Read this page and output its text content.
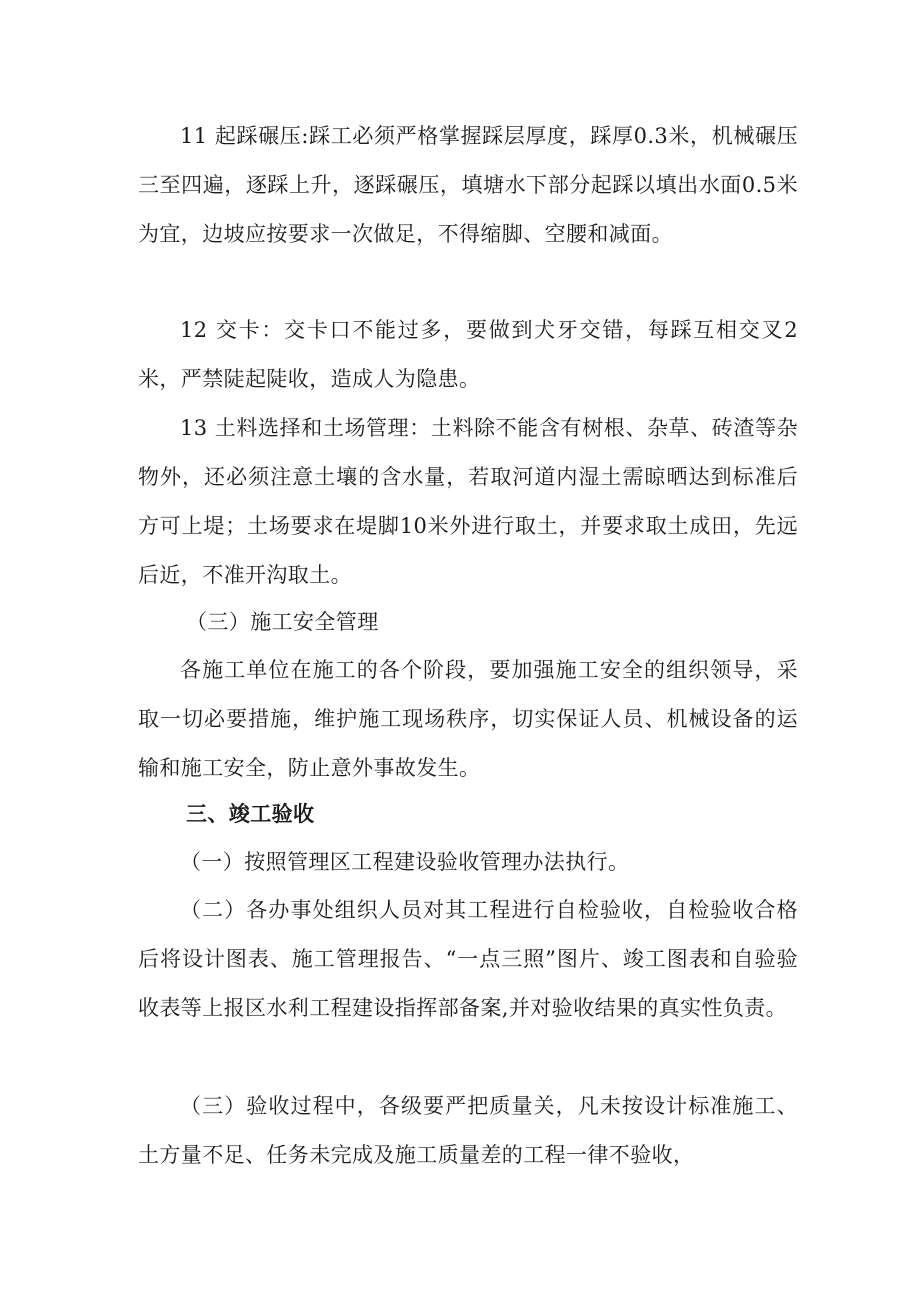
11 起踩碾压:踩工必须严格掌握踩层厚度，踩厚0.3米，机械碾压三至四遍，逐踩上升，逐踩碾压，填塘水下部分起踩以填出水面0.5米为宜，边坡应按要求一次做足，不得缩脚、空腰和减面。

12 交卡：交卡口不能过多，要做到犬牙交错，每踩互相交叉2米，严禁陡起陡收，造成人为隐患。

13 土料选择和土场管理：土料除不能含有树根、杂草、砖渣等杂物外，还必须注意土壤的含水量，若取河道内湿土需晾晒达到标准后方可上堤；土场要求在堤脚10米外进行取土，并要求取土成田，先远后近，不准开沟取土。

（三）施工安全管理

各施工单位在施工的各个阶段，要加强施工安全的组织领导，采取一切必要措施，维护施工现场秩序，切实保证人员、机械设备的运输和施工安全，防止意外事故发生。

三、竣工验收

（一）按照管理区工程建设验收管理办法执行。

（二）各办事处组织人员对其工程进行自检验收，自检验收合格后将设计图表、施工管理报告、“一点三照”图片、竣工图表和自验验收表等上报区水利工程建设指挥部备案,并对验收结果的真实性负责。

（三）验收过程中，各级要严把质量关，凡未按设计标准施工、土方量不足、任务未完成及施工质量差的工程一律不验收，
